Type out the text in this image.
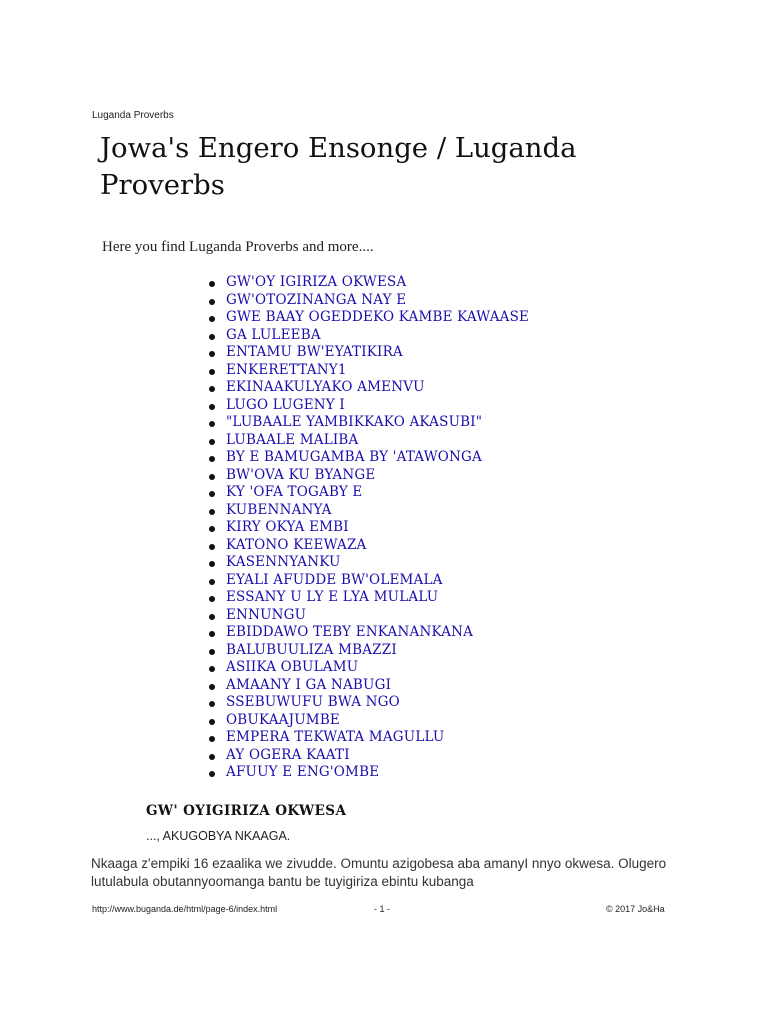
Luganda Proverbs
Jowa's Engero Ensonge / Luganda Proverbs
Here you find Luganda Proverbs and more....
GW'OY IGIRIZA OKWESA
GW'OTOZINANGA NAY E
GWE BAAY OGEDDEKO KAMBE KAWAASE
GA LULEEBA
ENTAMU BW'EYATIKIRA
ENKERETTANY1
EKINAAKULYAKO AMENVU
LUGO LUGENY I
"LUBAALE YAMBIKKAKO AKASUBI"
LUBAALE MALIBA
BY E BAMUGAMBA BY 'ATAWONGA
BW'OVA KU BYANGE
KY 'OFA TOGABY E
KUBENNANYA
KIRY OKYA EMBI
KATONO KEEWAZA
KASENNYANKU
EYALI AFUDDE BW'OLEMALA
ESSANY U LY E LYA MULALU
ENNUNGU
EBIDDAWO TEBY ENKANANKANA
BALUBUULIZA MBAZZI
ASIIKA OBULAMU
AMAANY I GA NABUGI
SSEBUWUFU BWA NGO
OBUKAAJUMBE
EMPERA TEKWATA MAGULLU
AY OGERA KAATI
AFUUY E ENG'OMBE
GW' OYIGIRIZA OKWESA
..., AKUGOBYA NKAAGA.
Nkaaga z'empiki 16 ezaalika we zivudde. Omuntu azigobesa aba amanyI nnyo okwesa. Olugero lutulabula obutannyoomanga bantu be tuyigiriza ebintu kubanga
http://www.buganda.de/html/page-6/index.html	- 1 -	© 2017 Jo&Ha
